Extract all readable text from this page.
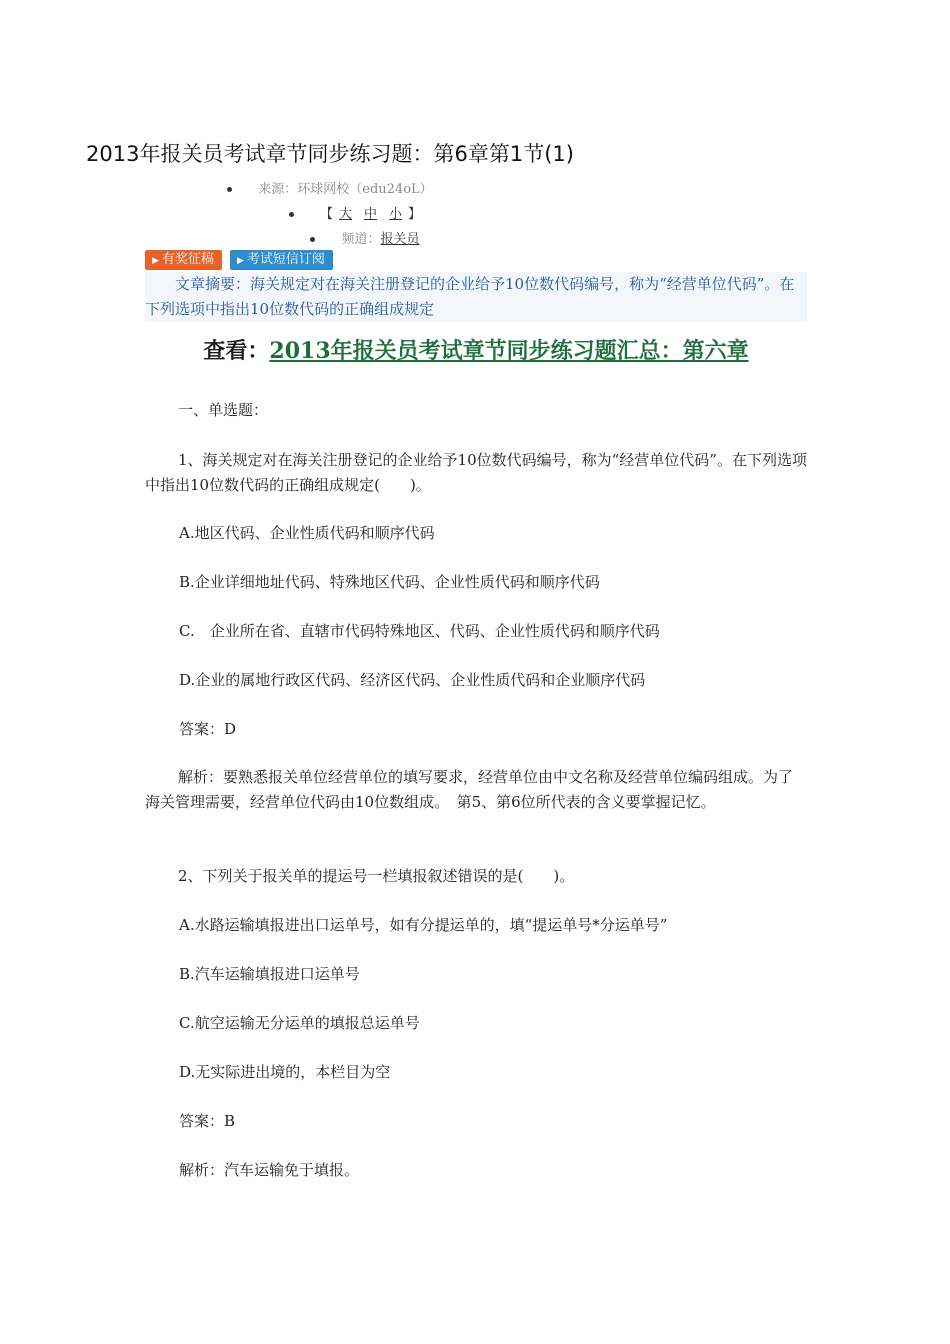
2013年报关员考试章节同步练习题：第6章第1节(1)
来源：环球网校（edu24oL）
【 大 中 小 】
频道：报关员
▶ 有奖征稿	▶ 考试短信订阅
文章摘要：海关规定对在海关注册登记的企业给予10位数代码编号，称为“经营单位代码”。在下列选项中指出10位数代码的正确组成规定
查看：2013年报关员考试章节同步练习题汇总：第六章
一、单选题：
1、海关规定对在海关注册登记的企业给予10位数代码编号，称为“经营单位代码”。在下列选项中指出10位数代码的正确组成规定(　　)。
A.地区代码、企业性质代码和顺序代码
B.企业详细地址代码、特殊地区代码、企业性质代码和顺序代码
C.　企业所在省、直辖市代码特殊地区、代码、企业性质代码和顺序代码
D.企业的属地行政区代码、经济区代码、企业性质代码和企业顺序代码
答案：D
解析：要熟悉报关单位经营单位的填写要求，经营单位由中文名称及经营单位编码组成。为了海关管理需要，经营单位代码由10位数组成。　第5、第6位所代表的含义要掌握记忆。
2、下列关于报关单的提运号一栏填报叙述错误的是(　　)。
A.水路运输填报进出口运单号，如有分提运单的，填“提运单号*分运单号”
B.汽车运输填报进口运单号
C.航空运输无分运单的填报总运单号
D.无实际进出境的，本栏目为空
答案：B
解析：汽车运输免于填报。
